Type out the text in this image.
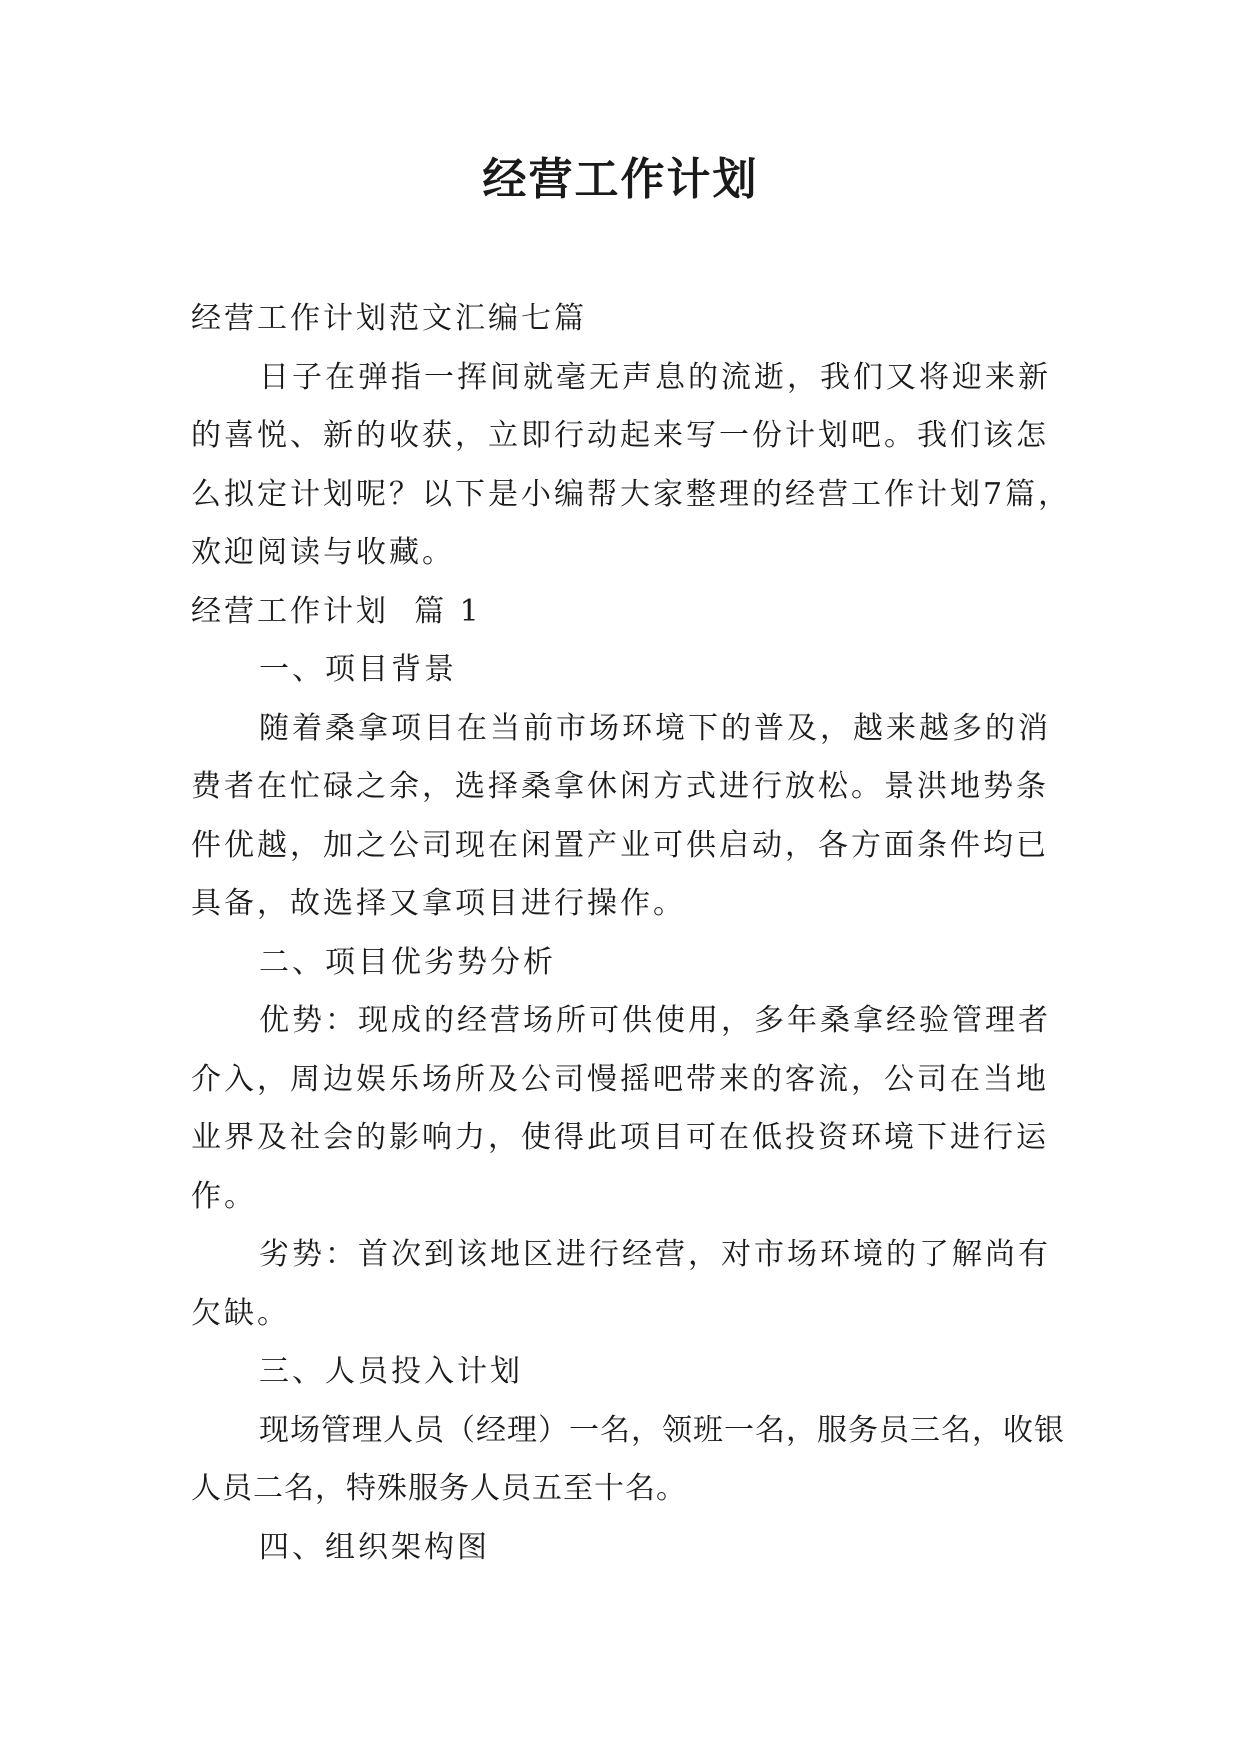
经营工作计划

经营工作计划范文汇编七篇

日子在弹指一挥间就毫无声息的流逝，我们又将迎来新的喜悦、新的收获，立即行动起来写一份计划吧。我们该怎么拟定计划呢？以下是小编帮大家整理的经营工作计划7篇，欢迎阅读与收藏。

经营工作计划  篇 1

一、项目背景

随着桑拿项目在当前市场环境下的普及，越来越多的消费者在忙碌之余，选择桑拿休闲方式进行放松。景洪地势条件优越，加之公司现在闲置产业可供启动，各方面条件均已具备，故选择又拿项目进行操作。

二、项目优劣势分析

优势：现成的经营场所可供使用，多年桑拿经验管理者介入，周边娱乐场所及公司慢摇吧带来的客流，公司在当地业界及社会的影响力，使得此项目可在低投资环境下进行运作。

劣势：首次到该地区进行经营，对市场环境的了解尚有欠缺。

三、人员投入计划

现场管理人员（经理）一名，领班一名，服务员三名，收银人员二名，特殊服务人员五至十名。

四、组织架构图
